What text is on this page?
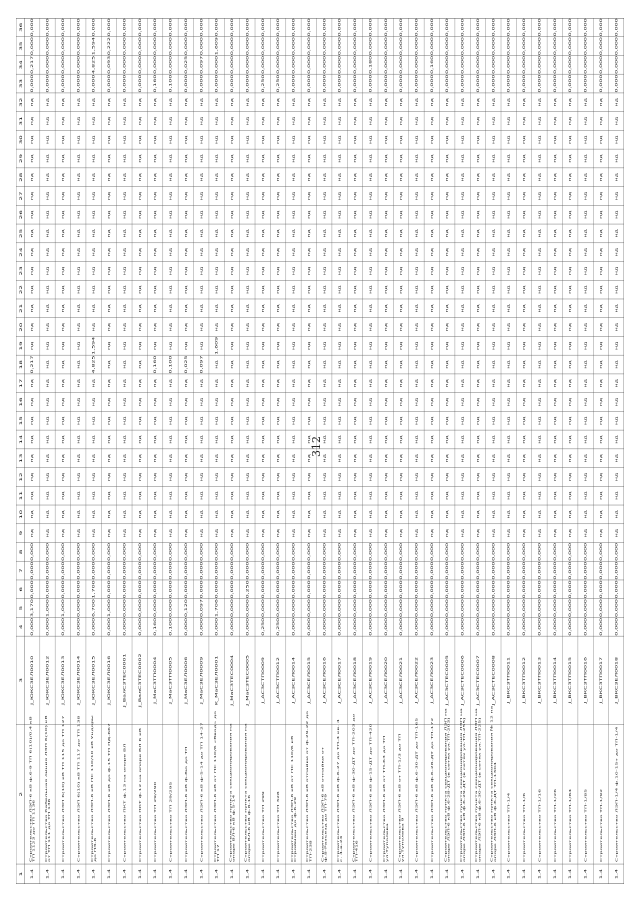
312
1
2
3
4
5
6
7
8
9
10
11
12
13
14
15
16
17
18
19
20
21
22
23
24
25
26
27
28
29
30
31
32
33
34
35
36
1.4
Строительство ЛЭП-6 кВ ф.6-9 ТП 6(10)/0,4 кВТП 1123 до ТП 1136
J_ЮКСЗЕЛ0010
0,000
3,170
0,000
0,000
0,000
нд
нд
нд
нд
нд
нд
нд
нд
нд
0,217
нд
нд
нд
нд
нд
нд
нд
нд
нд
нд
нд
нд
нд
нд
0,000
0,217
0,000
0,000
1.4
Строительство Кабельная линия ЛЭП 6(10) кВот ТП 111 до ТП 136
J_ЮКСЗЕЛ0012
0,000
1,000
0,000
0,000
0,000
нд
нд
нд
нд
нд
нд
нд
нд
нд
нд
нд
нд
нд
нд
нд
нд
нд
нд
нд
нд
нд
нд
нд
нд
0,000
0,000
0,000
0,000
1.4
Строительство ЛЭП 6(10) кВ ТП 115 до ТП 127
J_ЮКСЗЕЛ0013
0,000
1,000
0,000
0,000
0,000
нд
нд
нд
нд
нд
нд
нд
нд
нд
нд
нд
нд
нд
нд
нд
нд
нд
нд
нд
нд
нд
нд
нд
нд
0,000
0,000
0,000
0,000
1.4
Строительство ЛЭП 6(10) кВ ТП 117 до ТП 138
J_ЮКСЗЕЛ0014
0,000
0,000
0,000
0,000
0,000
нд
нд
нд
нд
нд
нд
нд
нд
нд
нд
нд
нд
нд
нд
нд
нд
нд
нд
нд
нд
нд
нд
нд
нд
0,000
0,000
0,000
0,000
1.4
Строительство ЛЭП-6 кВ ПС 110/10 кВ Ундорыдо ПЭ-6
J_ЮКСЗЕЛ0015
0,000
6,700
1,700
0,000
0,000
нд
нд
нд
нд
нд
нд
нд
нд
нд
4,825
1,594
нд
нд
нд
нд
нд
нд
нд
нд
нд
нд
нд
нд
нд
0,000
4,825
1,594
0,000
1.4
Строительство ЛЭП-6 кВ до ф.15 ТП НД-667
J_ЮКСЗЕЛ0016
0,000
1,000
0,000
0,000
0,000
нд
нд
нд
нд
нд
нд
нд
нд
нд
нд
нд
нд
нд
нд
нд
нд
нд
нд
нд
нд
нд
нд
нд
нд
0,000
0,093
0,222
0,000
1.4
Строительство ПКТ ф.13 на опоре ВЛ
J_ВалСЗТЕС0001
0,000
0,000
0,000
0,000
0,000
нд
нд
нд
нд
нд
нд
нд
нд
нд
нд
нд
нд
нд
нд
нд
нд
нд
нд
нд
нд
нд
нд
нд
нд
0,000
0,000
0,000
0,000
1.4
Строительство ПКТ ф.12 на опоре ВЛ 6 кВ
J_ВалСЗТЕС0002
0,000
0,000
0,000
0,000
0,000
нд
нд
нд
нд
нд
нд
нд
нд
нд
нд
нд
нд
нд
нд
нд
нд
нд
нд
нд
нд
нд
нд
нд
нд
0,000
0,000
0,000
0,000
1.4
Строительство ТП 29/290
J_МаСЗТП0004
0,160
0,000
0,000
0,000
0,000
нд
нд
нд
нд
нд
нд
нд
нд
нд
0,160
нд
нд
нд
нд
нд
нд
нд
нд
нд
нд
нд
нд
нд
нд
0,160
0,000
0,000
0,000
1.4
Строительство ТП 29/295
J_МаСЗТП0005
0,100
0,000
0,000
0,000
0,000
нд
нд
нд
нд
нд
нд
нд
нд
нд
0,100
нд
нд
нд
нд
нд
нд
нд
нд
нд
нд
нд
нд
нд
нд
0,100
0,000
0,000
0,000
1.4
Строительство ЛЭП-6 кВ ф-8ю до ТП
J_МаСЗЕЛ0006
0,000
0,120
0,000
0,000
0,000
нд
нд
нд
нд
нд
нд
нд
нд
нд
0,025
нд
нд
нд
нд
нд
нд
нд
нд
нд
нд
нд
нд
нд
нд
0,000
0,025
0,000
0,000
1.4
Строительство ЛЭП-6 кВ ф-5-14 до ТП 14-27
J_МаСЗЕЛ0009
0,000
0,097
0,000
0,000
0,000
нд
нд
нд
нд
нд
нд
нд
нд
нд
0,097
нд
нд
нд
нд
нд
нд
нд
нд
нд
нд
нд
нд
нд
нд
0,000
0,097
0,000
0,000
1.4
Строительство ЛЭП-6 кВ от ПС 110/6 «Ввод» доТП 17
K_МаСЗЕЛ0001
0,000
1,706
0,000
0,000
0,000
нд
нд
нд
нд
нд
нд
нд
нд
нд
нд
1,609
нд
нд
нд
нд
нд
нд
нд
нд
нд
нд
нд
нд
нд
0,000
0,000
1,609
0,000
1.4
Строительство пункта секционирования наопоре ВЛ-6 кВ ф.5-14
J_МаСЗТЕС0004
0,000
0,000
0,000
0,000
0,000
нд
нд
нд
нд
нд
нд
нд
нд
нд
нд
нд
нд
нд
нд
нд
нд
нд
нд
нд
нд
нд
нд
нд
нд
0,000
0,000
0,000
0,000
1.4
Строительство пункта секционирования наопоре ВЛ-6 кВ ф.8-16
J_МаСЗТЕС0005
0,000
0,000
0,250
0,000
0,000
нд
нд
нд
нд
нд
нд
нд
нд
нд
нд
нд
нд
нд
нд
нд
нд
нд
нд
нд
нд
нд
нд
нд
нд
0,000
0,000
0,000
0,000
1.4
Строительство ТП 299
J_АСЗСТП0009
0,250
0,000
0,000
0,000
0,000
нд
нд
нд
нд
нд
нд
нд
нд
нд
нд
нд
нд
нд
нд
нд
нд
нд
нд
нд
нд
нд
нд
нд
нд
0,250
0,000
0,000
0,000
1.4
Строительство ТП 328
J_АСЗСТП0012
0,250
0,000
0,000
0,000
0,000
нд
нд
нд
нд
нд
нд
нд
нд
нд
нд
нд
нд
нд
нд
нд
нд
нд
нд
нд
нд
нд
нд
нд
нд
0,250
0,000
0,000
0,000
1.4
Строительство ЛЭП-6 кВ от ПС 110/6 кВСтроймаш до ф-6-29
J_АСЗСЕЛ0014
0,000
0,000
0,000
0,000
0,000
нд
нд
нд
нд
нд
нд
нд
нд
нд
нд
нд
нд
нд
нд
нд
нд
нд
нд
нд
нд
нд
нд
нд
нд
0,000
0,000
0,000
0,000
1.4
Строительство ЛЭП-6 кВ отпайки от ф.29-22 доТП-238
J_АСЗСЕЛ0015
0,000
0,000
0,000
0,000
0,000
нд
нд
нд
нд
нд
нд
нд
нд
нд
нд
нд
нд
нд
нд
нд
нд
нд
нд
нд
нд
нд
нд
нд
нд
0,000
0,000
0,000
0,000
1.4
Строительство ЛЭП-6 кВ отпайки отф.8-Разъезд до ТП-79
J_АСЗСЕЛ0016
0,000
0,000
0,000
0,000
0,000
нд
нд
нд
нд
нд
нд
нд
нд
нд
нд
нд
нд
нд
нд
нд
нд
нд
нд
нд
нд
нд
нд
нд
нд
0,000
0,000
0,000
0,000
1.4
Строительство ЛЭП-6 кВ ф.6-27 до ТП-4 кв. 4с. 4-в-24
J_АСЗСЕЛ0017
0,000
0,000
0,000
0,000
0,000
нд
нд
нд
нд
нд
нд
нд
нд
нд
нд
нд
нд
нд
нд
нд
нд
нд
нд
нд
нд
нд
нд
нд
нд
0,000
0,000
0,000
0,000
1.4
Строительство ЛЭП-6 кВ ф-30-ДТ до ТП-203 доТП-416
J_АСЗСЕЛ0018
0,000
0,000
0,000
0,000
0,000
нд
нд
нд
нд
нд
нд
нд
нд
нд
нд
нд
нд
нд
нд
нд
нд
нд
нд
нд
нд
нд
нд
нд
нд
0,000
0,000
0,000
0,000
1.4
Строительство ЛЭП-6 кВ ф-15-ДТ до ТП-420
J_АСЗСЕЛ0019
0,000
0,000
0,000
0,000
0,000
нд
нд
нд
нд
нд
нд
нд
нд
нд
нд
нд
нд
нд
нд
нд
нд
нд
нд
нд
нд
нд
нд
нд
нд
0,000
0,180
0,000
0,000
1.4
Строительство ЛЭП-6 кВ от ТП-63 до ТПул.Туполева
J_АСЗСЕЛ0020
0,000
0,000
0,000
0,000
0,000
нд
нд
нд
нд
нд
нд
нд
нд
нд
нд
нд
нд
нд
нд
нд
нд
нд
нд
нд
нд
нд
нд
нд
нд
0,000
0,000
0,000
0,000
1.4
Строительство ЛЭП-6 кВ от ТП-1/3 до ТПул.Туполева 9
J_АСЗСЕЛ0021
0,000
0,000
0,000
0,000
0,000
нд
нд
нд
нд
нд
нд
нд
нд
нд
нд
нд
нд
нд
нд
нд
нд
нд
нд
нд
нд
нд
нд
нд
нд
0,000
0,000
0,000
0,000
1.4
Строительство ЛЭП-6 кВ ф.6-30-ДТ до ТП-165
J_АСЗСЕЛ0022
0,000
0,000
0,000
0,000
0,000
нд
нд
нд
нд
нд
нд
нд
нд
нд
нд
нд
нд
нд
нд
нд
нд
нд
нд
нд
нд
нд
нд
нд
нд
0,000
0,000
0,000
0,000
1.4
Строительство ЛЭП-6 кВ ф.6-28-ДТ до ТП-172
J_АСЗСЕЛ0023
0,000
0,000
0,000
0,000
0,000
нд
нд
нд
нд
нд
нд
нд
нд
нд
нд
нд
нд
нд
нд
нд
нд
нд
нд
нд
нд
нд
нд
нд
нд
0,000
0,160
0,000
0,000
1.4
Строительство пункта секционирования ЛЭП наопоре ЛЭП-6 кВ ф.6-28-ДТ (в сетях ул.ТП-203)
J_АСЗСТЕС0005
0,000
0,000
0,000
0,000
0,000
нд
нд
нд
нд
нд
нд
нд
нд
нд
нд
нд
нд
нд
нд
нд
нд
нд
нд
нд
нд
нд
нд
нд
нд
0,000
0,000
0,000
0,000
1.4
Строительство пункта секционирования ЛЭП наопоре ЛЭП-6 кВ ф.6-29-ДТ (в сетях ул.ТП-255)
J_АСЗСТЕС0006
0,000
0,000
0,000
0,000
0,000
нд
нд
нд
нд
нд
нд
нд
нд
нд
нд
нд
нд
нд
нд
нд
нд
нд
нд
нд
нд
нд
нд
нд
нд
0,000
0,000
0,000
0,000
1.4
Строительство пункта секционирования ЛЭП наопоре ЛЭП-6 кВ ф.6-30-ДТ (в сетях ул.ТП-225)
J_АСЗСТЕС0007
0,000
0,000
0,000
0,000
0,000
нд
нд
нд
нд
нд
нд
нд
нд
нд
нд
нд
нд
нд
нд
нд
нд
нд
нд
нд
нд
нд
нд
нд
нд
0,000
0,000
0,000
0,000
1.4
Строительство пункта секционирования № 12 наопоре ЛЭП-6 кВ ф.6-ДТ ТП-1304
J_АСЗСТЕС0008
0,000
0,000
0,000
0,000
0,000
нд
нд
нд
нд
нд
нд
нд
нд
нд
нд
нд
нд
нд
нд
нд
нд
нд
нд
нд
нд
нд
нд
нд
нд
0,000
0,000
0,000
0,000
1.4
Строительство ТП-1/4
J_ВКСЗТП0011
0,000
0,000
0,000
0,000
0,000
нд
нд
нд
нд
нд
нд
нд
нд
нд
нд
нд
нд
нд
нд
нд
нд
нд
нд
нд
нд
нд
нд
нд
нд
0,000
0,000
0,000
0,000
1.4
Строительство ТП-1/6
J_ВКСЗТП0012
0,000
0,000
0,000
0,000
0,000
нд
нд
нд
нд
нд
нд
нд
нд
нд
нд
нд
нд
нд
нд
нд
нд
нд
нд
нд
нд
нд
нд
нд
нд
0,000
0,000
0,000
0,000
1.4
Строительство ТП-1/16
J_ВКСЗТП0013
0,000
0,000
0,000
0,000
0,000
нд
нд
нд
нд
нд
нд
нд
нд
нд
нд
нд
нд
нд
нд
нд
нд
нд
нд
нд
нд
нд
нд
нд
нд
0,000
0,000
0,000
0,000
1.4
Строительство ТП-1/26
J_ВКСЗТП0014
0,000
0,000
0,000
0,000
0,000
нд
нд
нд
нд
нд
нд
нд
нд
нд
нд
нд
нд
нд
нд
нд
нд
нд
нд
нд
нд
нд
нд
нд
нд
0,000
0,000
0,000
0,000
1.4
Строительство ТП-1/84
J_ВКСЗТП0015
0,000
0,000
0,000
0,000
0,000
нд
нд
нд
нд
нд
нд
нд
нд
нд
нд
нд
нд
нд
нд
нд
нд
нд
нд
нд
нд
нд
нд
нд
нд
0,000
0,000
0,000
0,000
1.4
Строительство ТП-1/85
J_ВКСЗТП0016
0,000
0,000
0,000
0,000
0,000
нд
нд
нд
нд
нд
нд
нд
нд
нд
нд
нд
нд
нд
нд
нд
нд
нд
нд
нд
нд
нд
нд
нд
нд
0,000
0,000
0,000
0,000
1.4
Строительство ТП-1/92
J_ВКСЗТП0017
0,000
0,000
0,000
0,000
0,000
нд
нд
нд
нд
нд
нд
нд
нд
нд
нд
нд
нд
нд
нд
нд
нд
нд
нд
нд
нд
нд
нд
нд
нд
0,000
0,000
0,000
0,000
1.4
Строительство ЛЭП-1/4 ф.10-15т до ТП-1/4
J_ВКСЗЕЛ0018
0,000
0,000
0,000
0,000
0,000
нд
нд
нд
нд
нд
нд
нд
нд
нд
нд
нд
нд
нд
нд
нд
нд
нд
нд
нд
нд
нд
нд
нд
нд
0,000
0,000
0,000
0,000
